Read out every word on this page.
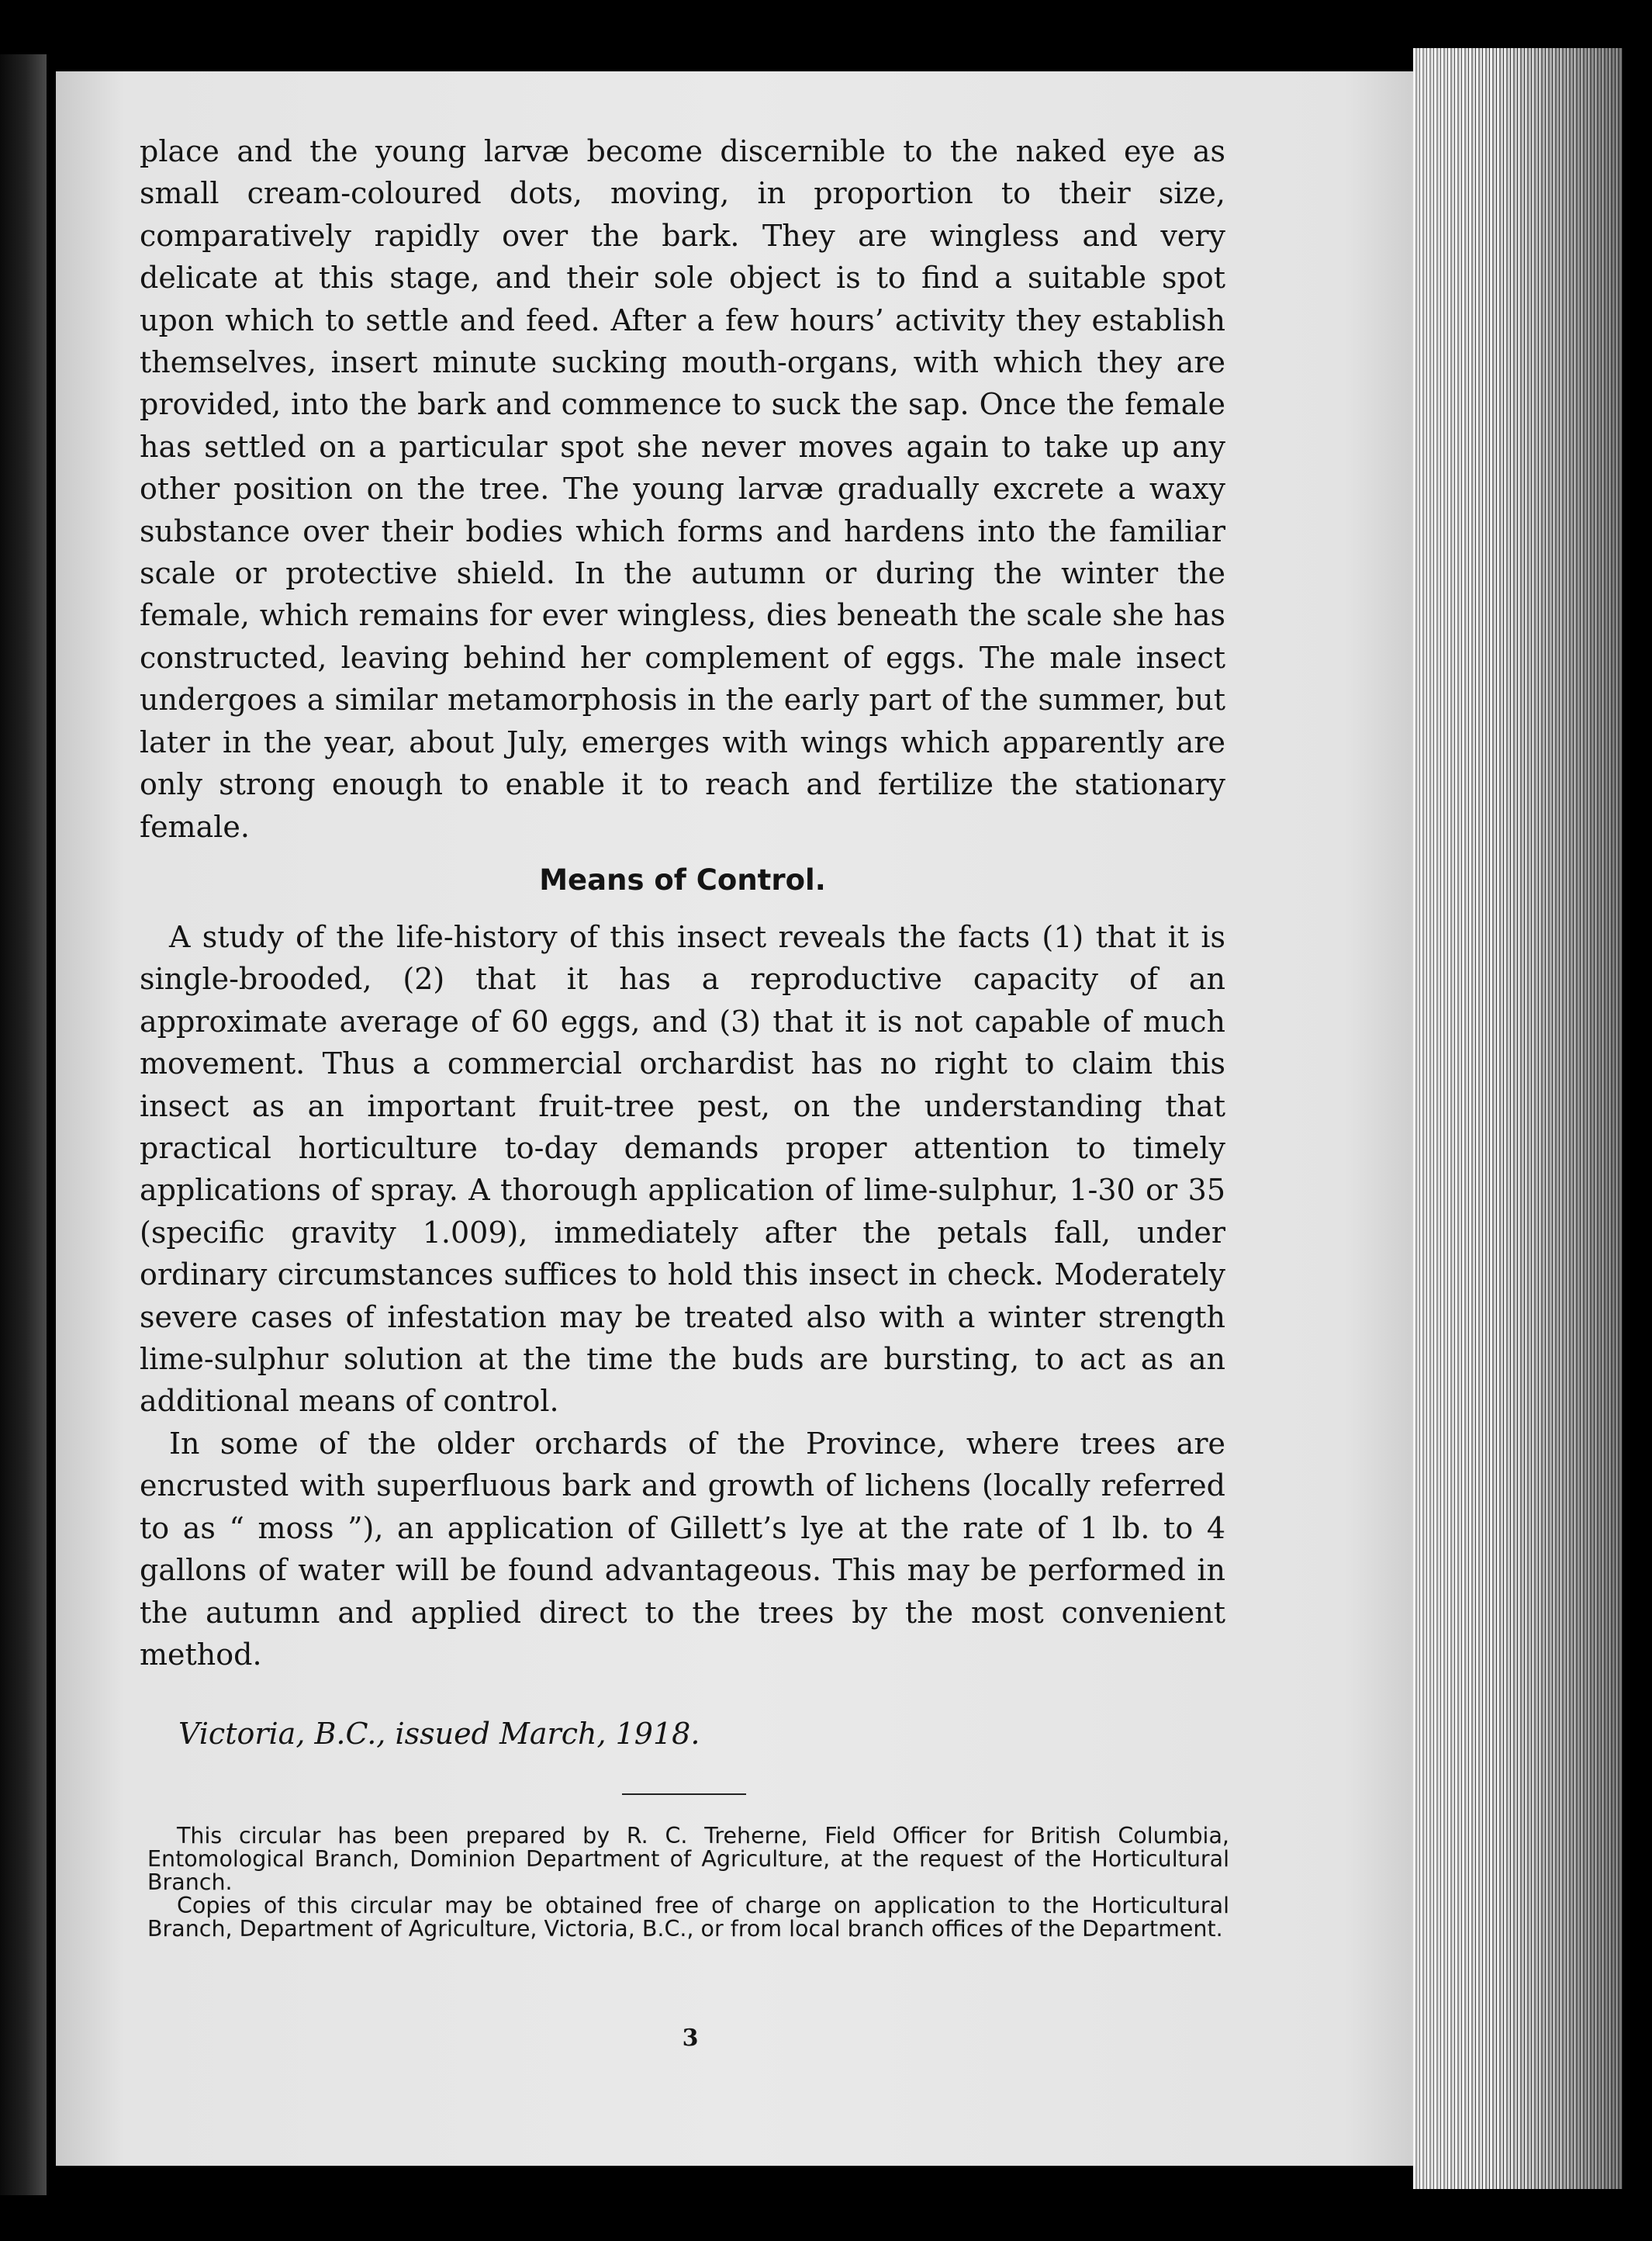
place and the young larvæ become discernible to the naked eye as small cream-coloured dots, moving, in proportion to their size, comparatively rapidly over the bark. They are wingless and very delicate at this stage, and their sole object is to find a suitable spot upon which to settle and feed. After a few hours’ activity they establish themselves, insert minute sucking mouth-organs, with which they are provided, into the bark and commence to suck the sap. Once the female has settled on a particular spot she never moves again to take up any other position on the tree. The young larvæ gradually excrete a waxy substance over their bodies which forms and hardens into the familiar scale or protective shield. In the autumn or during the winter the female, which remains for ever wingless, dies beneath the scale she has constructed, leaving behind her complement of eggs. The male insect undergoes a similar metamorphosis in the early part of the summer, but later in the year, about July, emerges with wings which apparently are only strong enough to enable it to reach and fertilize the stationary female.

Means of Control.

A study of the life-history of this insect reveals the facts (1) that it is single-brooded, (2) that it has a reproductive capacity of an approximate average of 60 eggs, and (3) that it is not capable of much movement. Thus a commercial orchardist has no right to claim this insect as an important fruit-tree pest, on the understanding that practical horticulture to-day demands proper attention to timely applications of spray. A thorough application of lime-sulphur, 1-30 or 35 (specific gravity 1.009), immediately after the petals fall, under ordinary circumstances suffices to hold this insect in check. Moderately severe cases of infestation may be treated also with a winter strength lime-sulphur solution at the time the buds are bursting, to act as an additional means of control.

In some of the older orchards of the Province, where trees are encrusted with superfluous bark and growth of lichens (locally referred to as “ moss ”), an application of Gillett’s lye at the rate of 1 lb. to 4 gallons of water will be found advantageous. This may be performed in the autumn and applied direct to the trees by the most convenient method.

Victoria, B.C., issued March, 1918.

This circular has been prepared by R. C. Treherne, Field Officer for British Columbia, Entomological Branch, Dominion Department of Agriculture, at the request of the Horticultural Branch.

Copies of this circular may be obtained free of charge on application to the Horticultural Branch, Department of Agriculture, Victoria, B.C., or from local branch offices of the Department.

3
